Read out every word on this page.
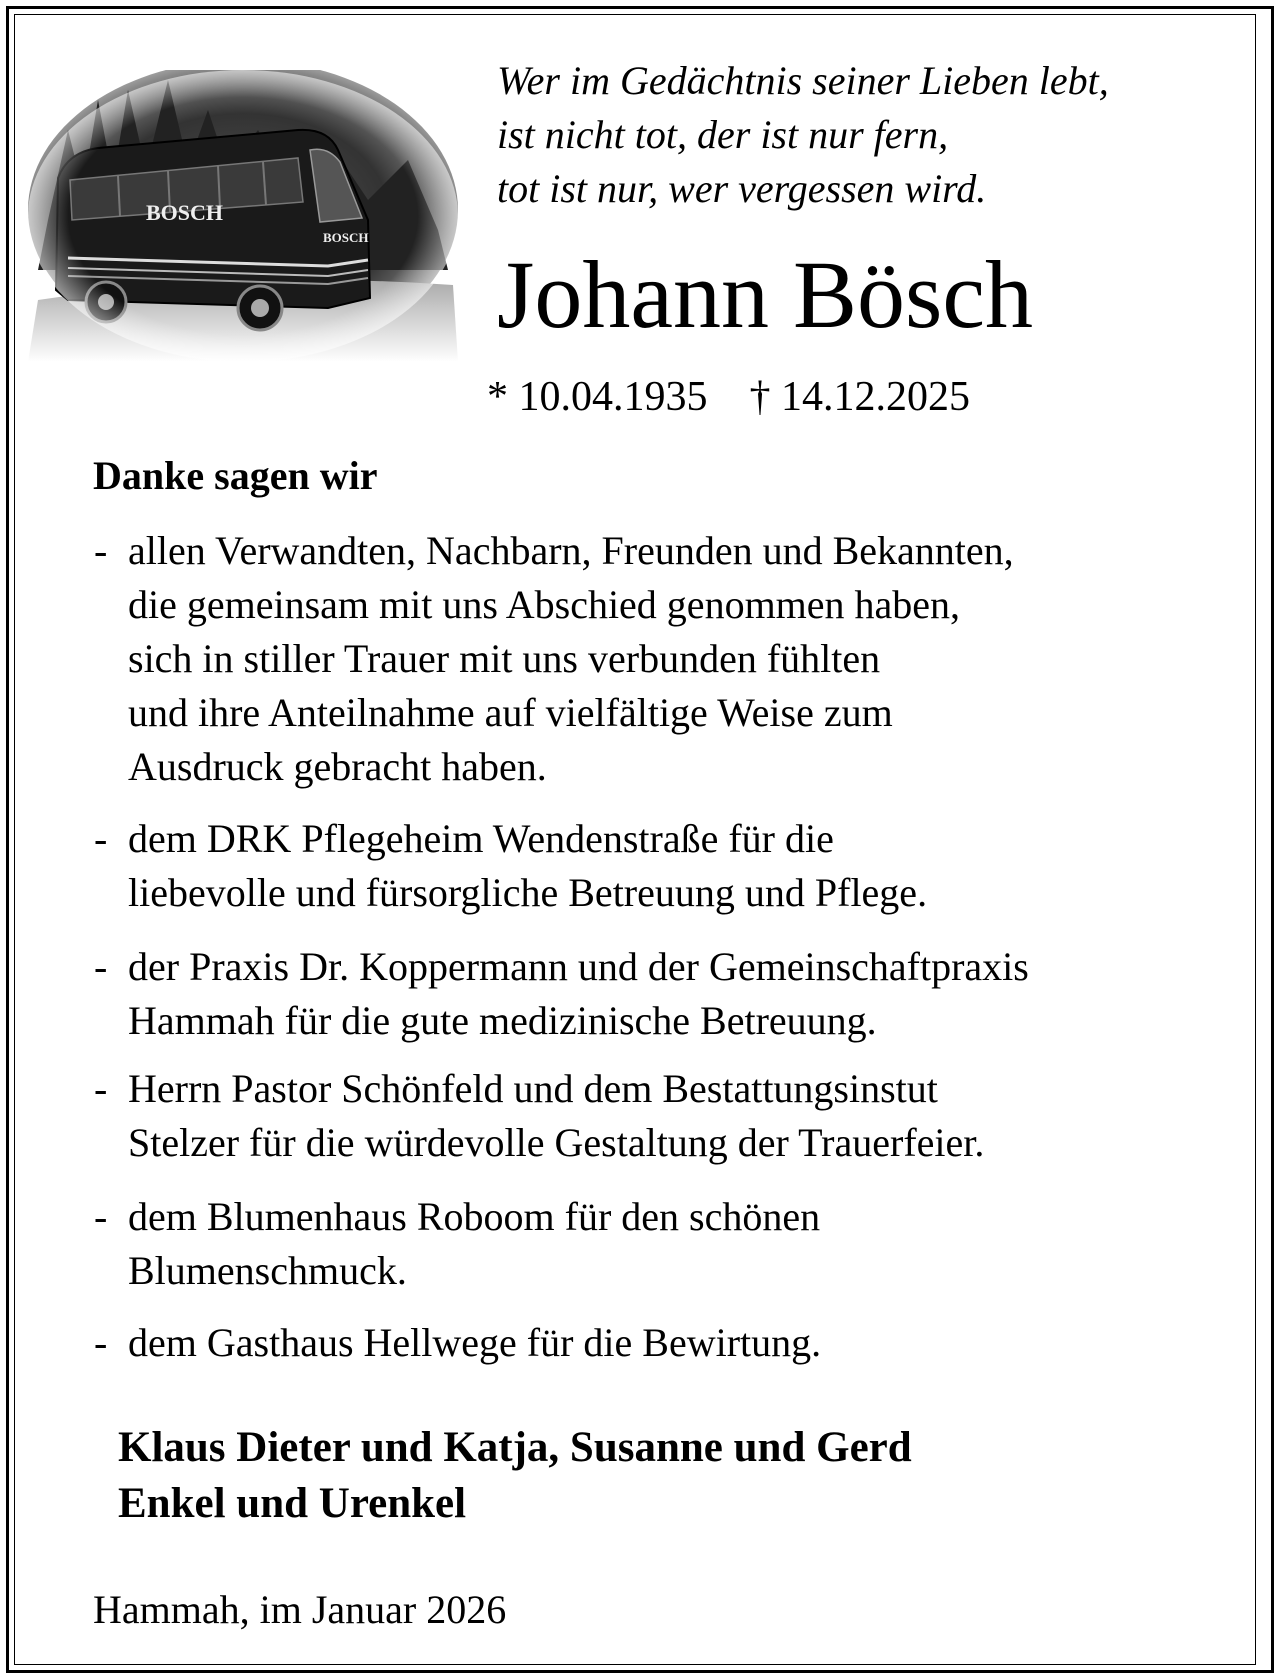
Wer im Gedächtnis seiner Lieben lebt,
ist nicht tot, der ist nur fern,
tot ist nur, wer vergessen wird.
Johann Bösch
* 10.04.1935 † 14.12.2025
Danke sagen wir
- allen Verwandten, Nachbarn, Freunden und Bekannten,
die gemeinsam mit uns Abschied genommen haben,
sich in stiller Trauer mit uns verbunden fühlten
und ihre Anteilnahme auf vielfältige Weise zum
Ausdruck gebracht haben.
- dem DRK Pflegeheim Wendenstraße für die
liebevolle und fürsorgliche Betreuung und Pflege.
- der Praxis Dr. Koppermann und der Gemeinschaftpraxis
Hammah für die gute medizinische Betreuung.
- Herrn Pastor Schönfeld und dem Bestattungsinstut
Stelzer für die würdevolle Gestaltung der Trauerfeier.
- dem Blumenhaus Roboom für den schönen
Blumenschmuck.
- dem Gasthaus Hellwege für die Bewirtung.
Klaus Dieter und Katja, Susanne und Gerd
Enkel und Urenkel
Hammah, im Januar 2026
